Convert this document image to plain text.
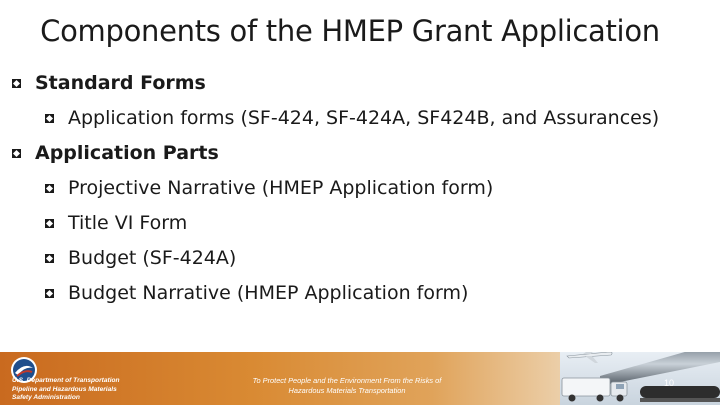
Components of the HMEP Grant Application
Standard Forms
Application forms (SF-424, SF-424A, SF424B, and Assurances)
Application Parts
Projective Narrative (HMEP Application form)
Title VI Form
Budget (SF-424A)
Budget Narrative (HMEP Application form)
U.S. Department of Transportation
Pipeline and Hazardous Materials
Safety Administration
To Protect People and the Environment From the Risks of
Hazardous Materials Transportation
10
